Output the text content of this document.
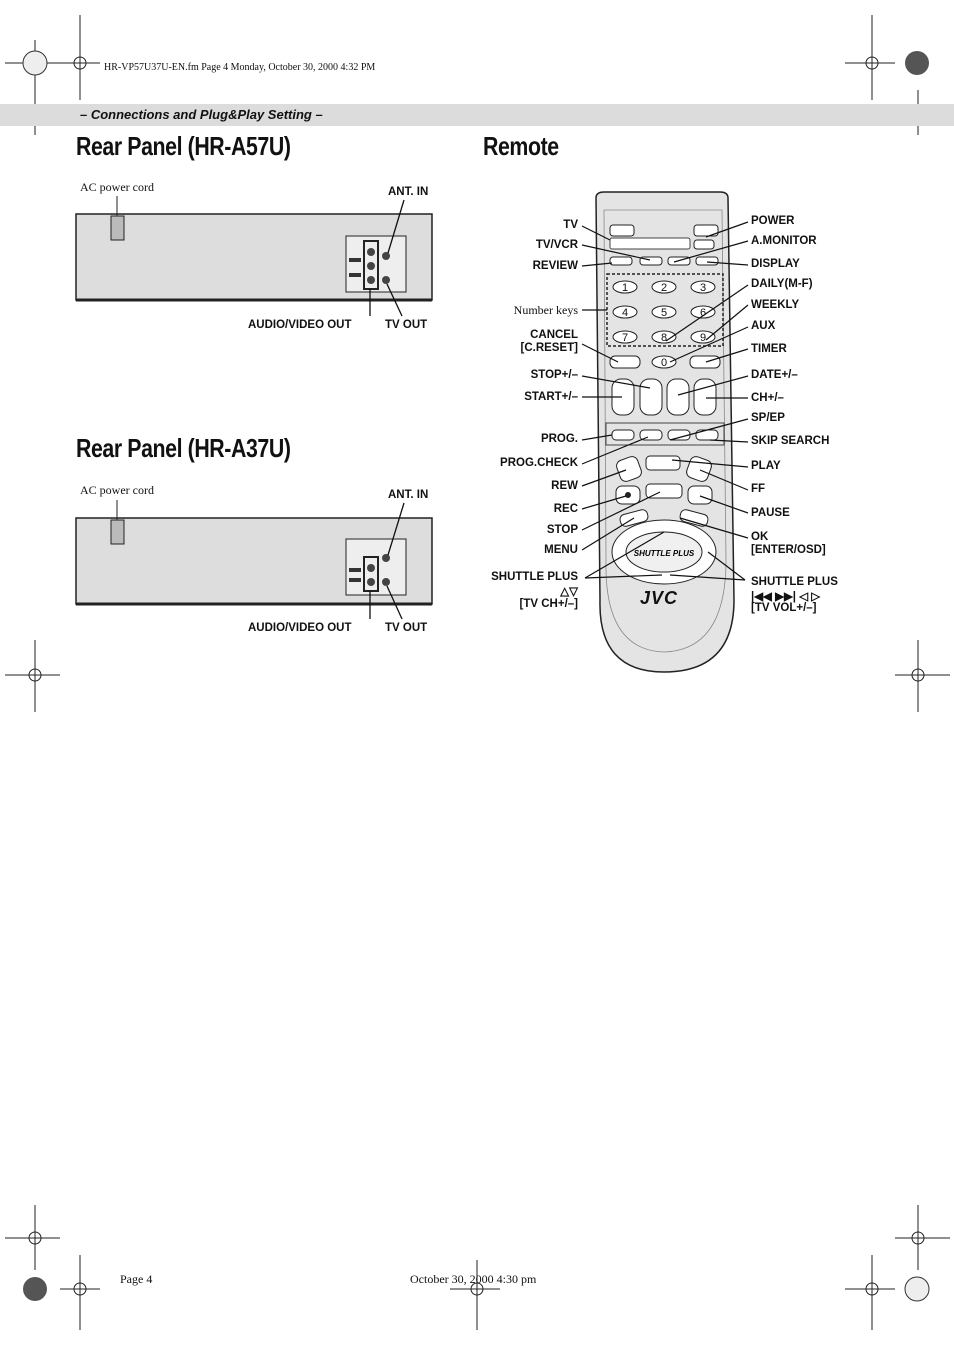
HR-VP57U37U-EN.fm Page 4 Monday, October 30, 2000 4:32 PM
– Connections and Plug&Play Setting –
Rear Panel (HR-A57U)
AC power cord	ANT. IN
AUDIO/VIDEO OUT	TV OUT
Rear Panel (HR-A37U)
AC power cord	ANT. IN
AUDIO/VIDEO OUT	TV OUT
Remote
1	2	3
4	5	6
7	8	9
0
SHUTTLE PLUS
JVC
TV
TV/VCR
REVIEW
Number keys
CANCEL
[C.RESET]
STOP+/–
START+/–
PROG.
PROG.CHECK
REW
REC
STOP
MENU
SHUTTLE PLUS
△▽
[TV CH+/–]
POWER
A.MONITOR
DISPLAY
DAILY(M-F)
WEEKLY
AUX
TIMER
DATE+/–
CH+/–
SP/EP
SKIP SEARCH
PLAY
FF
PAUSE
OK
[ENTER/OSD]
SHUTTLE PLUS
|◀◀ ▶▶| ◁ ▷
[TV VOL+/–]
Page 4	October 30, 2000 4:30 pm
